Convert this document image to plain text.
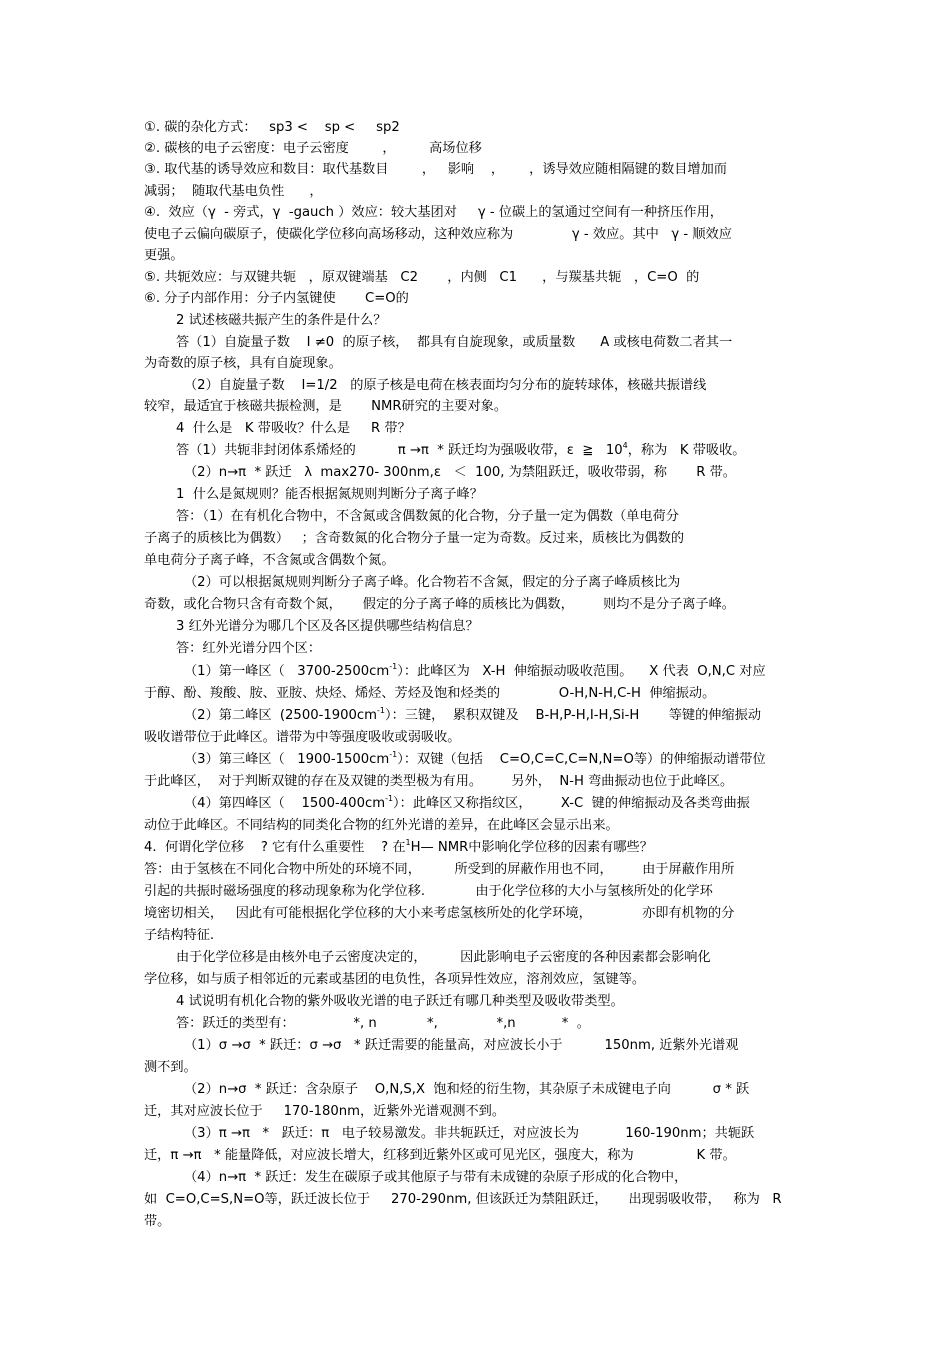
①. 碳的杂化方式：   sp3 <    sp <     sp2
②. 碳核的电子云密度：电子云密度        ，        高场位移
③. 取代基的诱导效应和数目：取代基数目        ，   影响    ，      ，诱导效应随相隔键的数目增加而
减弱；  随取代基电负性      ，
④.  效应（γ  - 旁式，γ  -gauch ）效应：较大基团对     γ - 位碳上的氢通过空间有一种挤压作用，
使电子云偏向碳原子，使碳化学位移向高场移动，这种效应称为              γ - 效应。其中   γ - 顺效应
更强。
⑤. 共轭效应：与双键共轭   ，原双键端基   C2       ，内侧   C1      ，与羰基共轭   ，C=O  的
⑥. 分子内部作用：分子内氢键使       C=O的
2 试述核磁共振产生的条件是什么？
答（1）自旋量子数    I ≠0  的原子核，  都具有自旋现象，或质量数      A 或核电荷数二者其一
为奇数的原子核，具有自旋现象。
（2）自旋量子数    I=1/2   的原子核是电荷在核表面均匀分布的旋转球体，核磁共振谱线
较窄，最适宜于核磁共振检测，是       NMR研究的主要对象。
4  什么是   K 带吸收？什么是     R 带？
答（1）共轭非封闭体系烯烃的          π →π  * 跃迁均为强吸收带，ε  ≧   $10^4$，称为   K 带吸收。
（2）n→π  * 跃迁   λ  max270- 300nm,ε   ＜  100, 为禁阻跃迁，吸收带弱，称       R 带。
1  什么是氮规则？能否根据氮规则判断分子离子峰？
答：（1）在有机化合物中，不含氮或含偶数氮的化合物，分子量一定为偶数（单电荷分
子离子的质核比为偶数）   ；含奇数氮的化合物分子量一定为奇数。反过来，质核比为偶数的
单电荷分子离子峰，不含氮或含偶数个氮。
（2）可以根据氮规则判断分子离子峰。化合物若不含氮，假定的分子离子峰质核比为
奇数，或化合物只含有奇数个氮，     假定的分子离子峰的质核比为偶数，       则均不是分子离子峰。
3 红外光谱分为哪几个区及各区提供哪些结构信息？
答：红外光谱分四个区：
（1）第一峰区（   $3700-2500cm^{-1}$）：此峰区为   X-H  伸缩振动吸收范围。    X 代表  O,N,C 对应
于醇、酚、羧酸、胺、亚胺、炔烃、烯烃、芳烃及饱和烃类的              O-H,N-H,C-H  伸缩振动。
（2）第二峰区  $(2500-1900cm^{-1})$：三键，  累积双键及    B-H,P-H,I-H,Si-H       等键的伸缩振动
吸收谱带位于此峰区。谱带为中等强度吸收或弱吸收。
（3）第三峰区（   $1900-1500cm^{-1}$）：双键（包括    C=O,C=C,C=N,N=O等）的伸缩振动谱带位
于此峰区，  对于判断双键的存在及双键的类型极为有用。       另外，  N-H 弯曲振动也位于此峰区。
（4）第四峰区（    $1500-400cm^{-1}$）：此峰区又称指纹区，       X-C  键的伸缩振动及各类弯曲振
动位于此峰区。不同结构的同类化合物的红外光谱的差异，在此峰区会显示出来。
4.  何谓化学位移    ? 它有什么重要性    ? 在$^1$H— NMR中影响化学位移的因素有哪些？
答：由于氢核在不同化合物中所处的环境不同，        所受到的屏蔽作用也不同，       由于屏蔽作用所
引起的共振时磁场强度的移动现象称为化学位移.            由于化学位移的大小与氢核所处的化学环
境密切相关，   因此有可能根据化学位移的大小来考虑氢核所处的化学环境，            亦即有机物的分
子结构特征.
由于化学位移是由核外电子云密度决定的，        因此影响电子云密度的各种因素都会影响化
学位移，如与质子相邻近的元素或基团的电负性，各项异性效应，溶剂效应，氢键等。
4 试说明有机化合物的紫外吸收光谱的电子跃迁有哪几种类型及吸收带类型。
答：跃迁的类型有：              *, n            *,              *,n           *  。
（1）σ →σ  * 跃迁：σ →σ   * 跃迁需要的能量高，对应波长小于          150nm, 近紫外光谱观
测不到。
（2）n→σ  * 跃迁：含杂原子    O,N,S,X  饱和烃的衍生物，其杂原子未成键电子向          σ * 跃
迁，其对应波长位于     170-180nm，近紫外光谱观测不到。
（3）π →π   *   跃迁：π   电子较易激发。非共轭跃迁，对应波长为           160-190nm；共轭跃
迁，π →π   * 能量降低，对应波长增大，红移到近紫外区或可见光区，强度大，称为               K 带。
（4）n→π  * 跃迁：发生在碳原子或其他原子与带有未成键的杂原子形成的化合物中，
如  C=O,C=S,N=O等，跃迁波长位于     270-290nm, 但该跃迁为禁阻跃迁，     出现弱吸收带，   称为   R
带。
